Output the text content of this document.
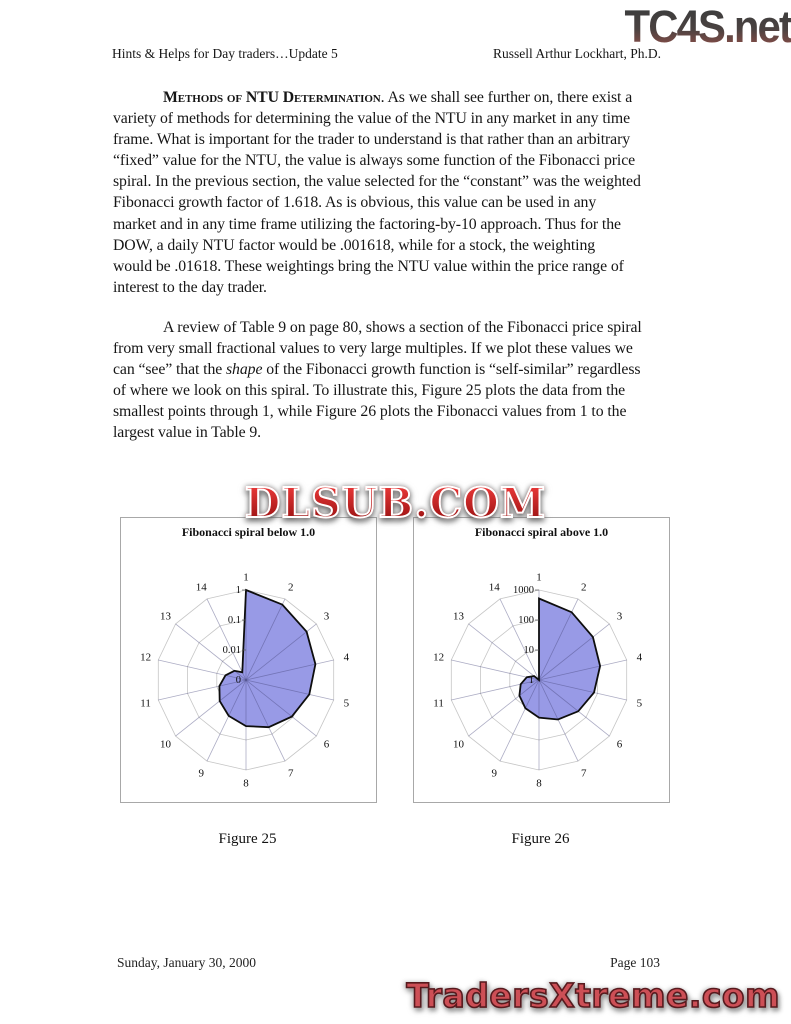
TC4S.net
Hints & Helps for Day traders…Update 5	Russell Arthur Lockhart, Ph.D.
Methods of NTU Determination. As we shall see further on, there exist a
variety of methods for determining the value of the NTU in any market in any time
frame. What is important for the trader to understand is that rather than an arbitrary
“fixed” value for the NTU, the value is always some function of the Fibonacci price
spiral. In the previous section, the value selected for the “constant” was the weighted
Fibonacci growth factor of 1.618. As is obvious, this value can be used in any
market and in any time frame utilizing the factoring-by-10 approach. Thus for the
DOW, a daily NTU factor would be .001618, while for a stock, the weighting
would be .01618. These weightings bring the NTU value within the price range of
interest to the day trader.
A review of Table 9 on page 80, shows a section of the Fibonacci price spiral
from very small fractional values to very large multiples. If we plot these values we
can “see” that the shape of the Fibonacci growth function is “self-similar” regardless
of where we look on this spiral. To illustrate this, Figure 25 plots the data from the
smallest points through 1, while Figure 26 plots the Fibonacci values from 1 to the
largest value in Table 9.
DLSUB.COM
1
2
3
4
5
6
7
8
9
10
11
12
13
14	1
0.1
0.01
0
Fibonacci spiral below 1.0
1
2
3
4
5
6
7
8
9
10
11
12
13
14 1000
100
10
1
Fibonacci spiral above 1.0
Figure 25	Figure 26
Sunday, January 30, 2000	Page 103
TradersXtreme.com
